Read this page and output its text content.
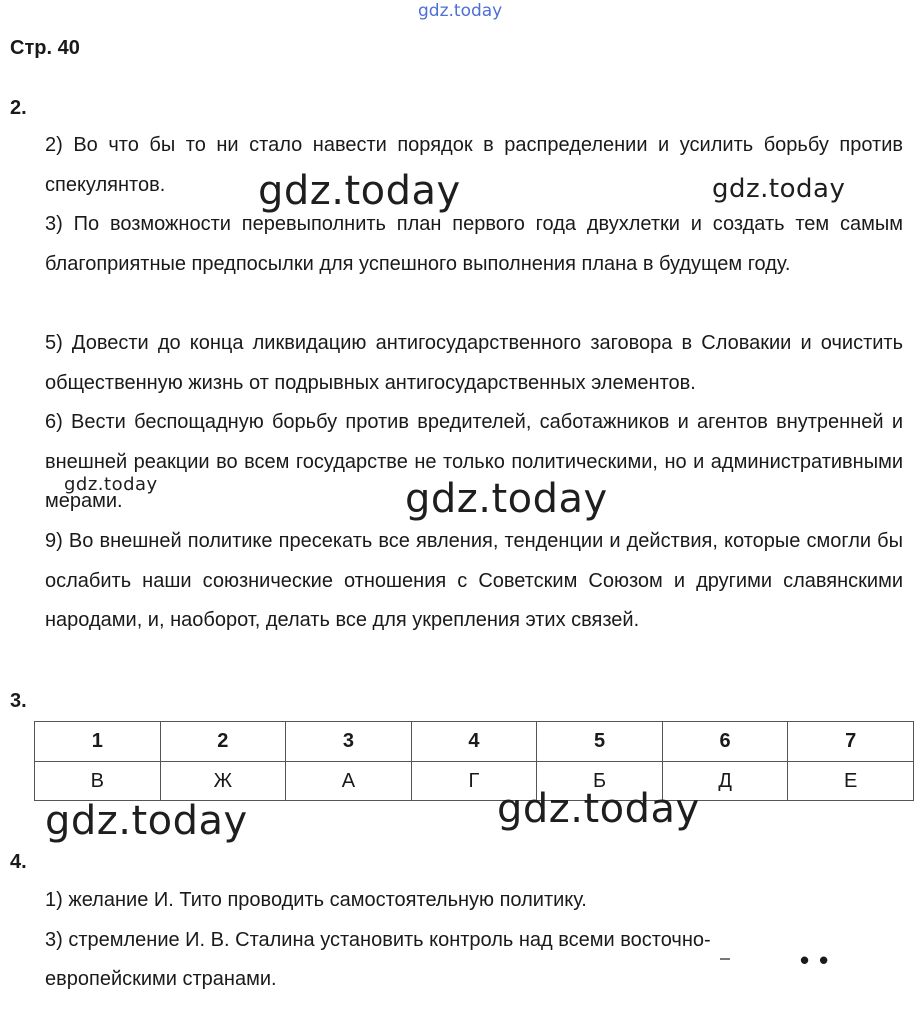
gdz.today
Стр. 40
2.
2) Во что бы то ни стало навести порядок в распределении и усилить борьбу против спекулянтов.
3) По возможности перевыполнить план первого года двухлетки и создать тем самым благоприятные предпосылки для успешного выполнения плана в будущем году.
5) Довести до конца ликвидацию антигосударственного заговора в Словакии и очистить общественную жизнь от подрывных антигосударственных элементов.
6) Вести беспощадную борьбу против вредителей, саботажников и агентов внутренней и внешней реакции во всем государстве не только политическими, но и административными мерами.
9) Во внешней политике пресекать все явления, тенденции и действия, которые смогли бы ослабить наши союзнические отношения с Советским Союзом и другими славянскими народами, и, наоборот, делать все для укрепления этих связей.
gdz.today	gdz.today
gdz.today	gdz.today
3.
1	2	3	4	5	6	7
В	Ж	А	Г	Б	Д	Е
gdz.today	gdz.today
4.
1) желание И. Тито проводить самостоятельную политику.
3) стремление И. В. Сталина установить контроль над всеми восточно-
европейскими странами.
••
